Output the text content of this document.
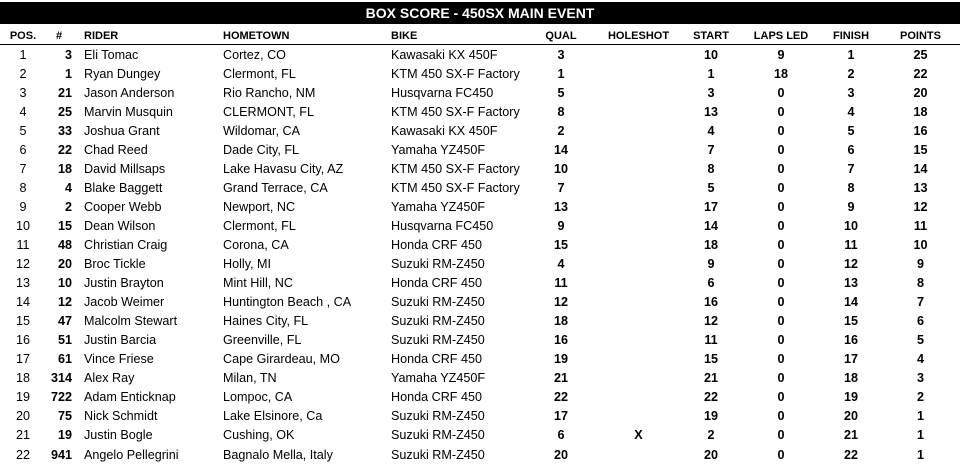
BOX SCORE - 450SX MAIN EVENT
POS.	#	RIDER	HOMETOWN	BIKE	QUAL	HOLESHOT	START	LAPS LED	FINISH	POINTS
1	3	Eli Tomac	Cortez, CO	Kawasaki KX 450F	3		10	9	1	25
2	1	Ryan Dungey	Clermont, FL	KTM 450 SX-F Factory	1		1	18	2	22
3	21	Jason Anderson	Rio Rancho, NM	Husqvarna FC450	5		3	0	3	20
4	25	Marvin Musquin	CLERMONT, FL	KTM 450 SX-F Factory	8		13	0	4	18
5	33	Joshua Grant	Wildomar, CA	Kawasaki KX 450F	2		4	0	5	16
6	22	Chad Reed	Dade City, FL	Yamaha YZ450F	14		7	0	6	15
7	18	David Millsaps	Lake Havasu City, AZ	KTM 450 SX-F Factory	10		8	0	7	14
8	4	Blake Baggett	Grand Terrace, CA	KTM 450 SX-F Factory	7		5	0	8	13
9	2	Cooper Webb	Newport, NC	Yamaha YZ450F	13		17	0	9	12
10	15	Dean Wilson	Clermont, FL	Husqvarna FC450	9		14	0	10	11
11	48	Christian Craig	Corona, CA	Honda CRF 450	15		18	0	11	10
12	20	Broc Tickle	Holly, MI	Suzuki RM-Z450	4		9	0	12	9
13	10	Justin Brayton	Mint Hill, NC	Honda CRF 450	11		6	0	13	8
14	12	Jacob Weimer	Huntington Beach , CA	Suzuki RM-Z450	12		16	0	14	7
15	47	Malcolm Stewart	Haines City, FL	Suzuki RM-Z450	18		12	0	15	6
16	51	Justin Barcia	Greenville, FL	Suzuki RM-Z450	16		11	0	16	5
17	61	Vince Friese	Cape Girardeau, MO	Honda CRF 450	19		15	0	17	4
18	314	Alex Ray	Milan, TN	Yamaha YZ450F	21		21	0	18	3
19	722	Adam Enticknap	Lompoc, CA	Honda CRF 450	22		22	0	19	2
20	75	Nick Schmidt	Lake Elsinore, Ca	Suzuki RM-Z450	17		19	0	20	1
21	19	Justin Bogle	Cushing, OK	Suzuki RM-Z450	6	X	2	0	21	1
22	941	Angelo Pellegrini	Bagnalo Mella, Italy	Suzuki RM-Z450	20		20	0	22	1
